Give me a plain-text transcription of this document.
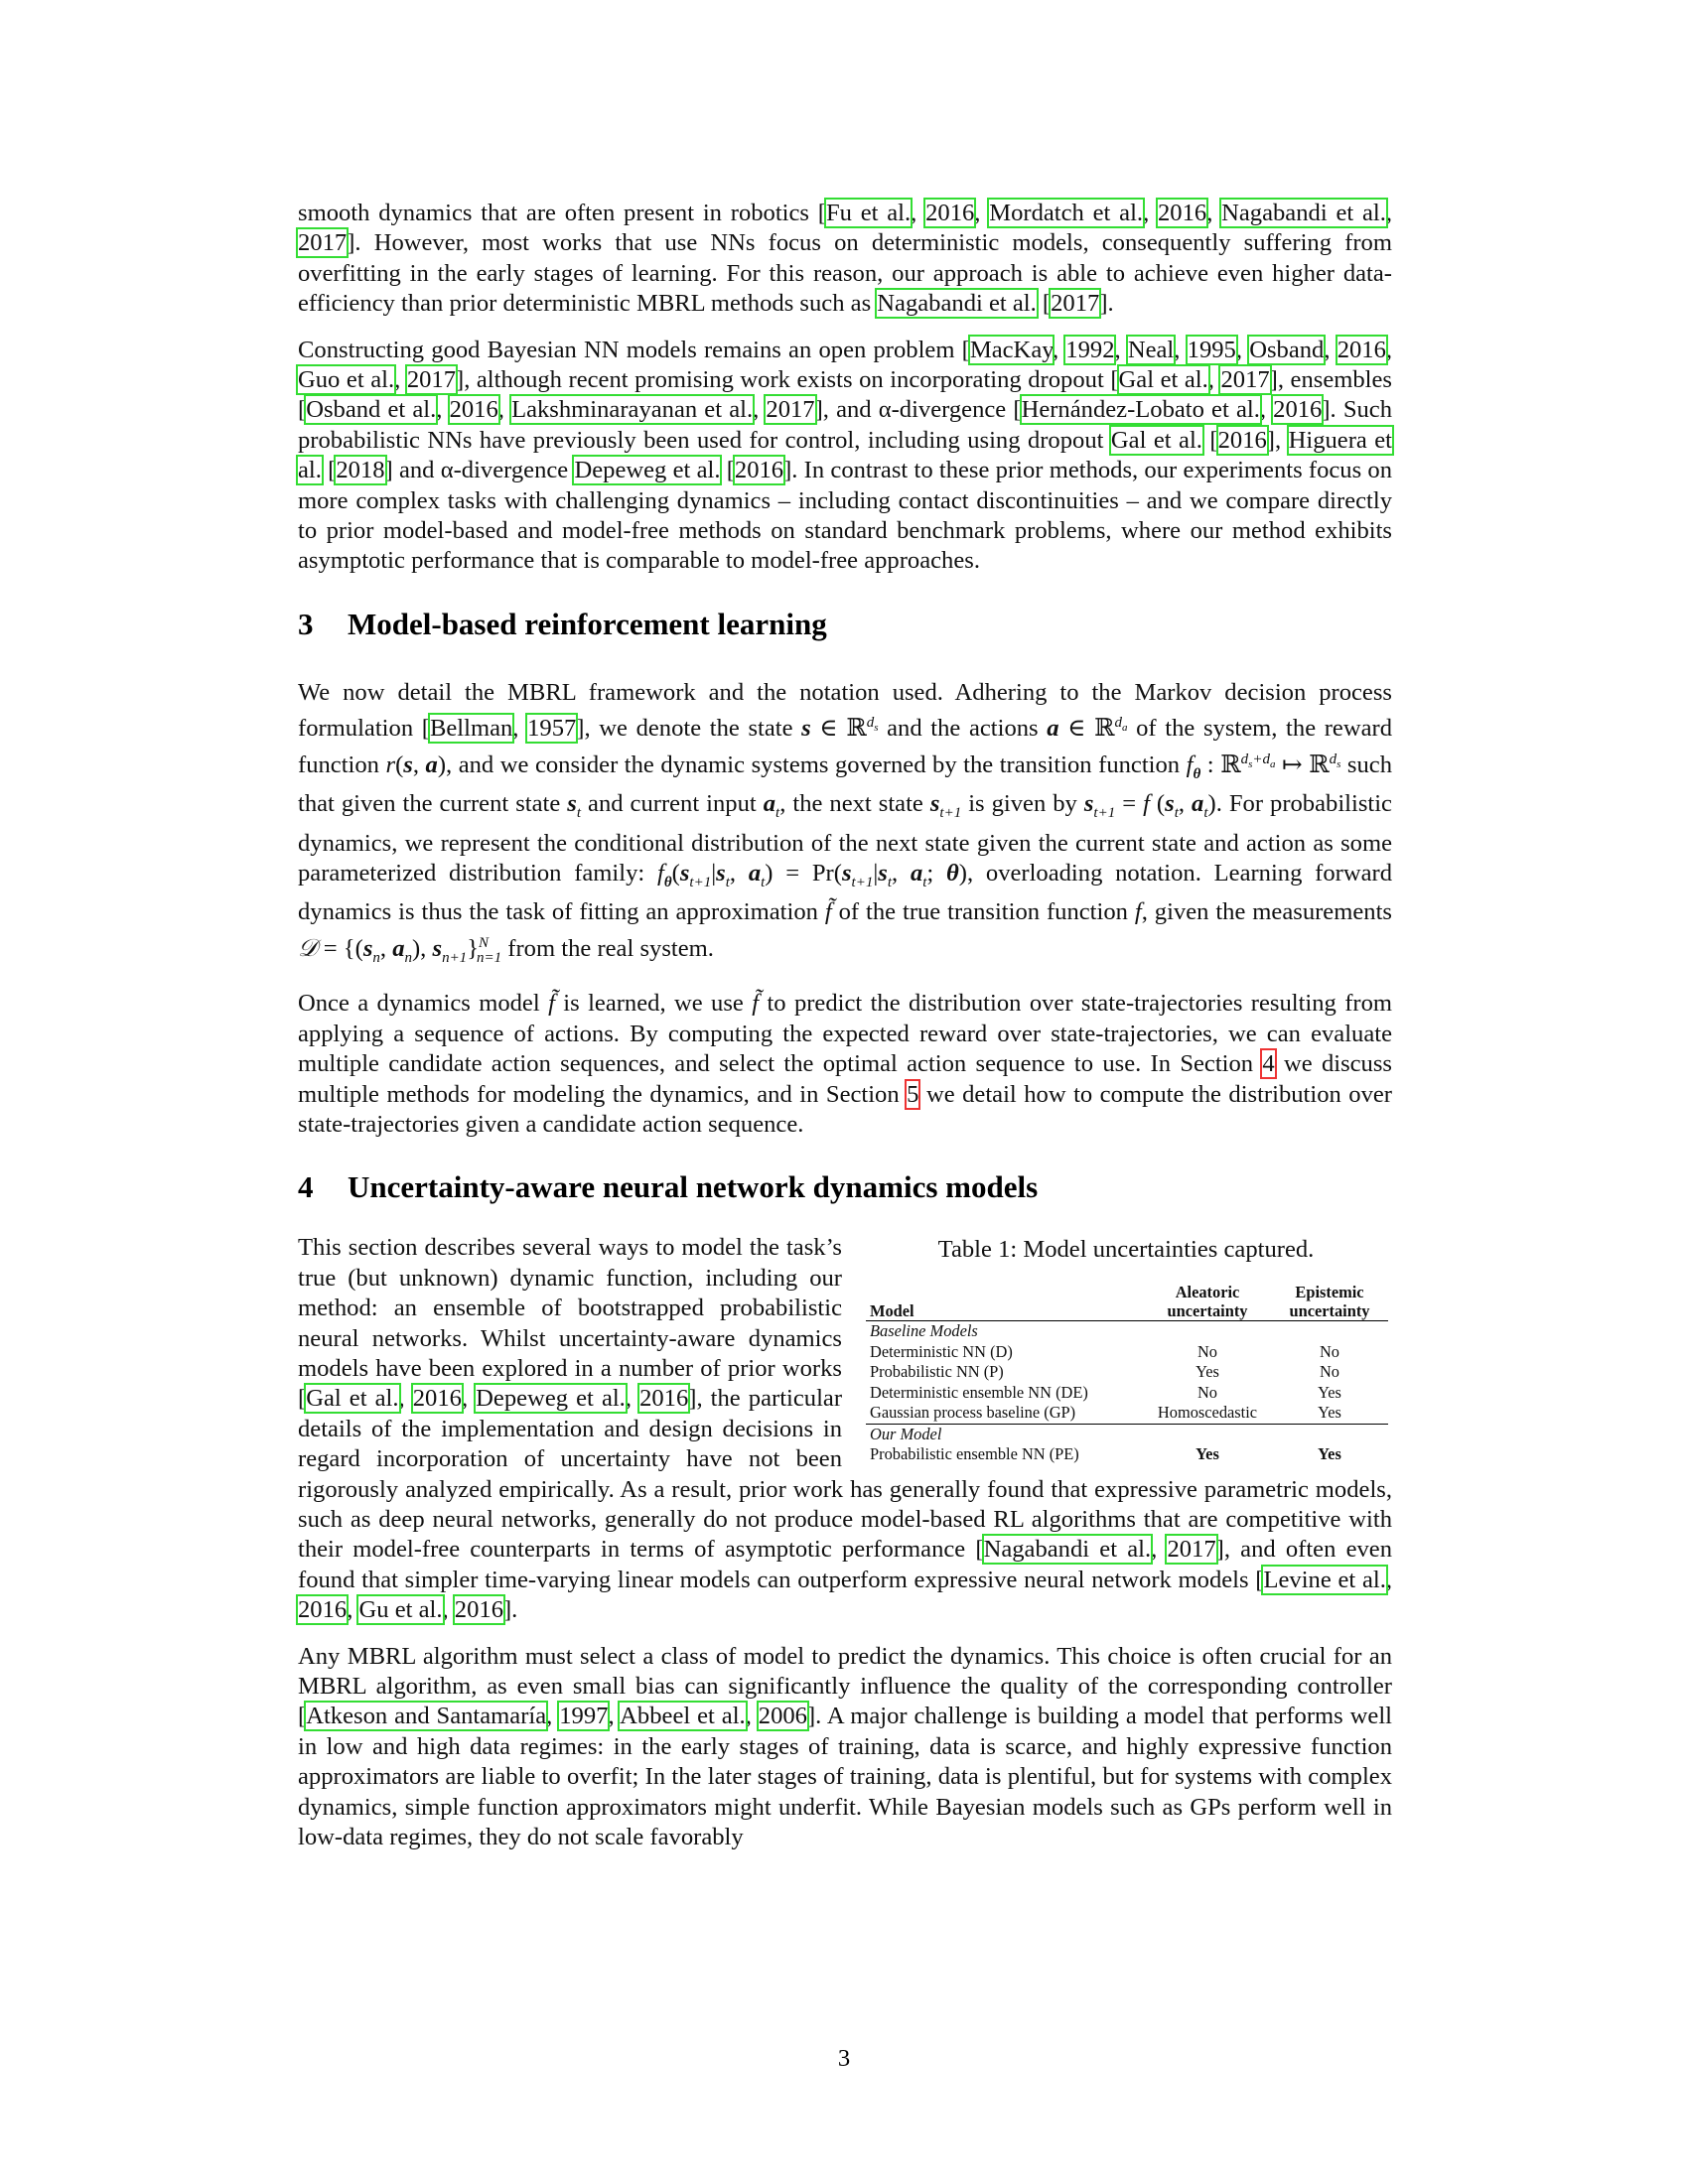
smooth dynamics that are often present in robotics [Fu et al., 2016, Mordatch et al., 2016, Nagabandi et al., 2017]. However, most works that use NNs focus on deterministic models, consequently suffering from overfitting in the early stages of learning. For this reason, our approach is able to achieve even higher data-efficiency than prior deterministic MBRL methods such as Nagabandi et al. [2017].

Constructing good Bayesian NN models remains an open problem [MacKay, 1992, Neal, 1995, Osband, 2016, Guo et al., 2017], although recent promising work exists on incorporating dropout [Gal et al., 2017], ensembles [Osband et al., 2016, Lakshminarayanan et al., 2017], and α-divergence [Hernández-Lobato et al., 2016]. Such probabilistic NNs have previously been used for control, including using dropout Gal et al. [2016], Higuera et al. [2018] and α-divergence Depeweg et al. [2016]. In contrast to these prior methods, our experiments focus on more complex tasks with challenging dynamics – including contact discontinuities – and we compare directly to prior model-based and model-free methods on standard benchmark problems, where our method exhibits asymptotic performance that is comparable to model-free approaches.

3 Model-based reinforcement learning

We now detail the MBRL framework and the notation used. Adhering to the Markov decision process formulation [Bellman, 1957], we denote the state s ∈ ℝ$^{d_s}$ and the actions a ∈ ℝ$^{d_a}$ of the system, the reward function r(s, a), and we consider the dynamic systems governed by the transition function $f_\theta$ : ℝ$^{d_s+d_a}$ ↦ ℝ$^{d_s}$ such that given the current state $s_t$ and current input $a_t$, the next state $s_{t+1}$ is given by $s_{t+1} = f$ ($s_t$, $a_t$). For probabilistic dynamics, we represent the conditional distribution of the next state given the current state and action as some parameterized distribution family: $f_\theta(s_{t+1}|s_t$, $a_t) = Pr(s_{t+1}|s_t$, $a_t$; θ), overloading notation. Learning forward dynamics is thus the task of fitting an approximation f̃ of the true transition function f, given the measurements 𝒟 = {($s_n$, $a_n$), $s_{n+1}\}^N_{n=1}$ from the real system.

Once a dynamics model f̃ is learned, we use f̃ to predict the distribution over state-trajectories resulting from applying a sequence of actions. By computing the expected reward over state-trajectories, we can evaluate multiple candidate action sequences, and select the optimal action sequence to use. In Section 4 we discuss multiple methods for modeling the dynamics, and in Section 5 we detail how to compute the distribution over state-trajectories given a candidate action sequence.

4 Uncertainty-aware neural network dynamics models
Table 1: Model uncertainties captured.
Model	Aleatoric uncertainty	Epistemic uncertainty
Baseline Models		
Deterministic NN (D)	No	No
Probabilistic NN (P)	Yes	No
Deterministic ensemble NN (DE)	No	Yes
Gaussian process baseline (GP)	Homoscedastic	Yes
Our Model		
Probabilistic ensemble NN (PE)	Yes	Yes

This section describes several ways to model the task’s true (but unknown) dynamic function, including our method: an ensemble of bootstrapped probabilistic neural networks. Whilst uncertainty-aware dynamics models have been explored in a number of prior works [Gal et al., 2016, Depeweg et al., 2016], the particular details of the implementation and design decisions in regard incorporation of uncertainty have not been rigorously analyzed empirically. As a result, prior work has generally found that expressive parametric models, such as deep neural networks, generally do not produce model-based RL algorithms that are competitive with their model-free counterparts in terms of asymptotic performance [Nagabandi et al., 2017], and often even found that simpler time-varying linear models can outperform expressive neural network models [Levine et al., 2016, Gu et al., 2016].

Any MBRL algorithm must select a class of model to predict the dynamics. This choice is often crucial for an MBRL algorithm, as even small bias can significantly influence the quality of the corresponding controller [Atkeson and Santamaría, 1997, Abbeel et al., 2006]. A major challenge is building a model that performs well in low and high data regimes: in the early stages of training, data is scarce, and highly expressive function approximators are liable to overfit; In the later stages of training, data is plentiful, but for systems with complex dynamics, simple function approximators might underfit. While Bayesian models such as GPs perform well in low-data regimes, they do not scale favorably

3
